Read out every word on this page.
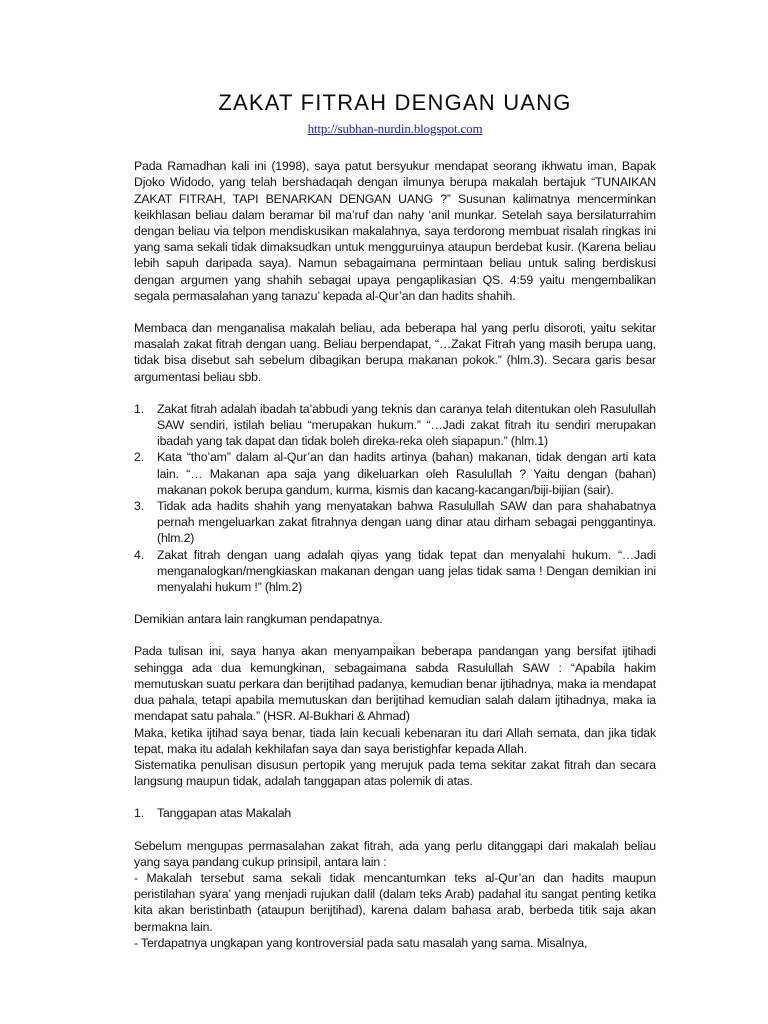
ZAKAT FITRAH DENGAN UANG
http://subhan-nurdin.blogspot.com

Pada Ramadhan kali ini (1998), saya patut bersyukur mendapat seorang ikhwatu iman, Bapak Djoko Widodo, yang telah bershadaqah dengan ilmunya berupa makalah bertajuk “TUNAIKAN ZAKAT FITRAH, TAPI BENARKAN DENGAN UANG ?” Susunan kalimatnya mencerminkan keikhlasan beliau dalam beramar bil ma’ruf dan nahy ‘anil munkar. Setelah saya bersilaturrahim dengan beliau via telpon mendiskusikan makalahnya, saya terdorong membuat risalah ringkas ini yang sama sekali tidak dimaksudkan untuk mengguruinya ataupun berdebat kusir. (Karena beliau lebih sapuh daripada saya). Namun sebagaimana permintaan beliau untuk saling berdiskusi dengan argumen yang shahih sebagai upaya pengaplikasian QS. 4:59 yaitu mengembalikan segala permasalahan yang tanazu’ kepada al-Qur’an dan hadits shahih.

Membaca dan menganalisa makalah beliau, ada beberapa hal yang perlu disoroti, yaitu sekitar masalah zakat fitrah dengan uang. Beliau berpendapat, “…Zakat Fitrah yang masih berupa uang, tidak bisa disebut sah sebelum dibagikan berupa makanan pokok.” (hlm.3). Secara garis besar argumentasi beliau sbb.

1. Zakat fitrah adalah ibadah ta’abbudi yang teknis dan caranya telah ditentukan oleh Rasulullah SAW sendiri, istilah beliau “merupakan hukum.” “…Jadi zakat fitrah itu sendiri merupakan ibadah yang tak dapat dan tidak boleh direka-reka oleh siapapun.” (hlm.1)
2. Kata “tho’am” dalam al-Qur’an dan hadits artinya (bahan) makanan, tidak dengan arti kata lain. “… Makanan apa saja yang dikeluarkan oleh Rasulullah ? Yaitu dengan (bahan) makanan pokok berupa gandum, kurma, kismis dan kacang-kacangan/biji-bijian (sair).
3. Tidak ada hadits shahih yang menyatakan bahwa Rasulullah SAW dan para shahabatnya pernah mengeluarkan zakat fitrahnya dengan uang dinar atau dirham sebagai penggantinya. (hlm.2)
4. Zakat fitrah dengan uang adalah qiyas yang tidak tepat dan menyalahi hukum. “…Jadi menganalogkan/mengkiaskan makanan dengan uang jelas tidak sama ! Dengan demikian ini menyalahi hukum !” (hlm.2)

Demikian antara lain rangkuman pendapatnya.

Pada tulisan ini, saya hanya akan menyampaikan beberapa pandangan yang bersifat ijtihadi sehingga ada dua kemungkinan, sebagaimana sabda Rasulullah SAW : “Apabila hakim memutuskan suatu perkara dan berijtihad padanya, kemudian benar ijtihadnya, maka ia mendapat dua pahala, tetapi apabila memutuskan dan berijtihad kemudian salah dalam ijtihadnya, maka ia mendapat satu pahala.” (HSR. Al-Bukhari & Ahmad)

Maka, ketika ijtihad saya benar, tiada lain kecuali kebenaran itu dari Allah semata, dan jika tidak tepat, maka itu adalah kekhilafan saya dan saya beristighfar kepada Allah.

Sistematika penulisan disusun pertopik yang merujuk pada tema sekitar zakat fitrah dan secara langsung maupun tidak, adalah tanggapan atas polemik di atas.

1. Tanggapan atas Makalah

Sebelum mengupas permasalahan zakat fitrah, ada yang perlu ditanggapi dari makalah beliau yang saya pandang cukup prinsipil, antara lain :

- Makalah tersebut sama sekali tidak mencantumkan teks al-Qur’an dan hadits maupun peristilahan syara’ yang menjadi rujukan dalil (dalam teks Arab) padahal itu sangat penting ketika kita akan beristinbath (ataupun berijtihad), karena dalam bahasa arab, berbeda titik saja akan bermakna lain.

- Terdapatnya ungkapan yang kontroversial pada satu masalah yang sama. Misalnya,
